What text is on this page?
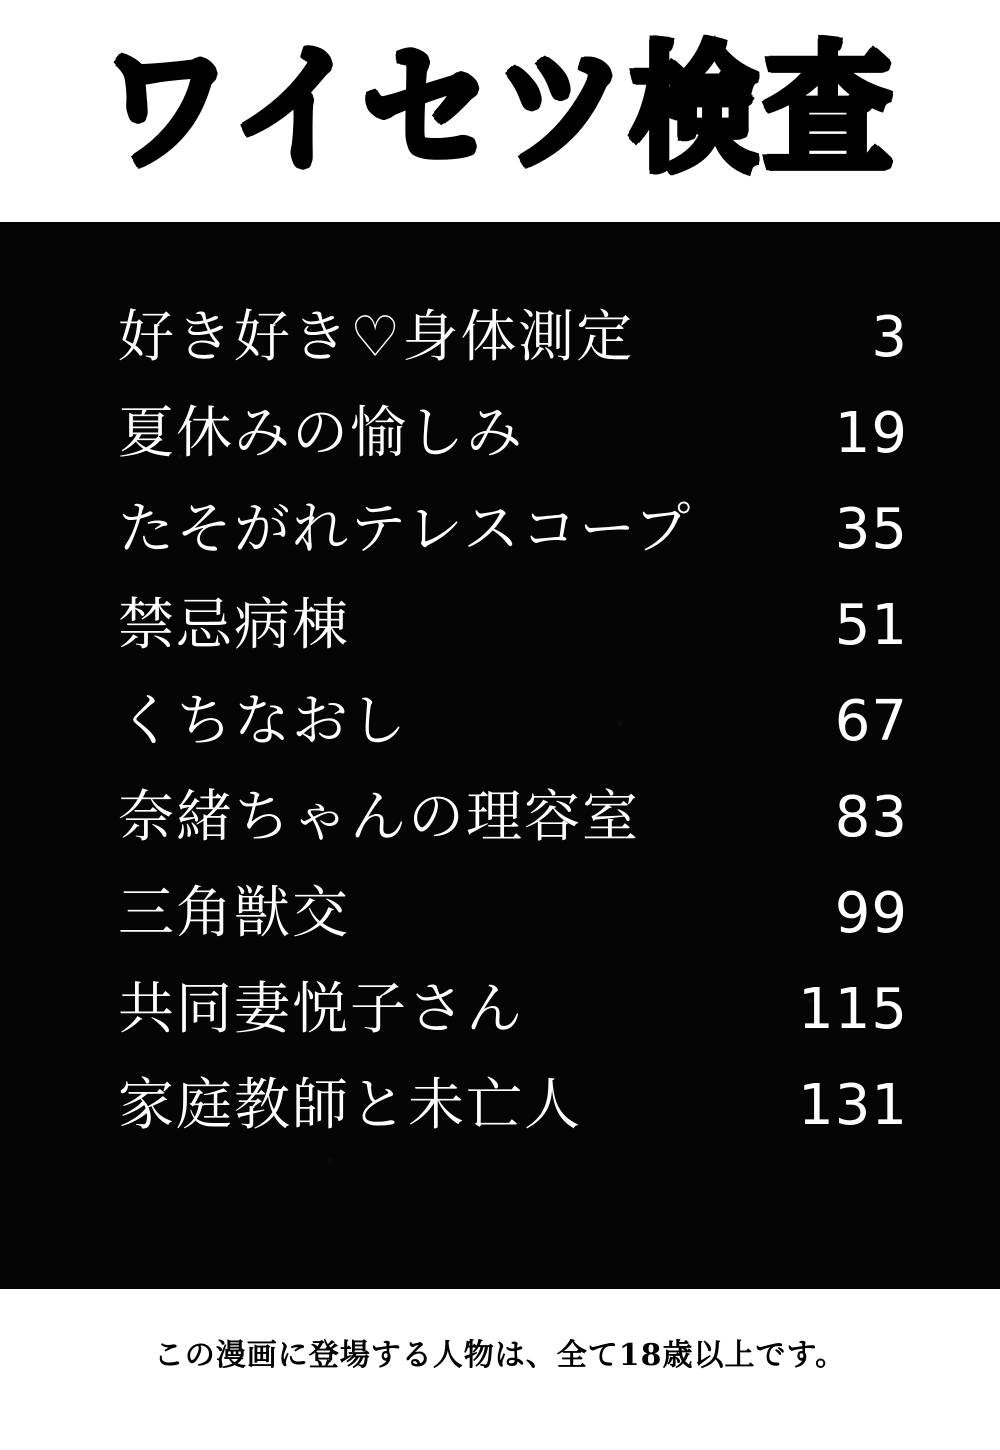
ワイセツ検査
好き好き♡身体測定	3
夏休みの愉しみ	19
たそがれテレスコープ	35
禁忌病棟	51
くちなおし	67
奈緒ちゃんの理容室	83
三角獣交	99
共同妻悦子さん	115
家庭教師と未亡人	131
この漫画に登場する人物は、全て18歳以上です。
